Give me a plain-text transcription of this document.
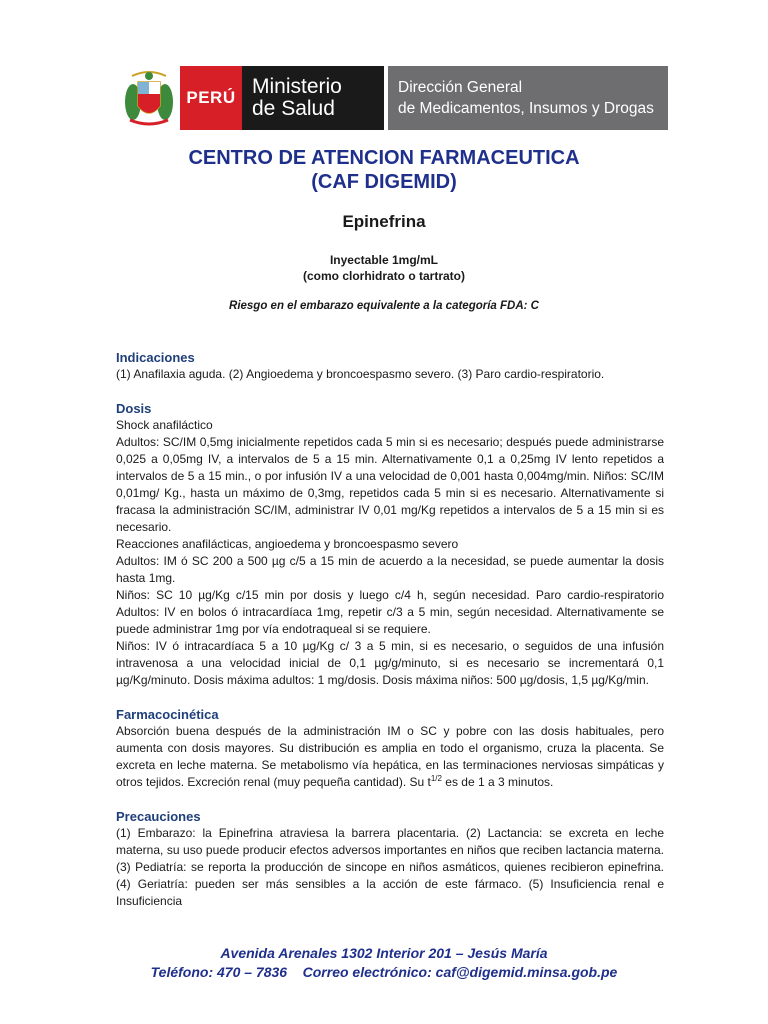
PERÚ Ministerio
de Salud
Dirección General
de Medicamentos, Insumos y Drogas
CENTRO DE ATENCION FARMACEUTICA
(CAF DIGEMID)
Epinefrina
Inyectable 1mg/mL
(como clorhidrato o tartrato)
Riesgo en el embarazo equivalente a la categoría FDA: C
Indicaciones

(1) Anafilaxia aguda. (2) Angioedema y broncoespasmo severo. (3) Paro cardio-respiratorio.

Dosis

Shock anafiláctico

Adultos: SC/IM 0,5mg inicialmente repetidos cada 5 min si es necesario; después puede administrarse 0,025 a 0,05mg IV, a intervalos de 5 a 15 min. Alternativamente 0,1 a 0,25mg IV lento repetidos a intervalos de 5 a 15 min., o por infusión IV a una velocidad de 0,001 hasta 0,004mg/min. Niños: SC/IM 0,01mg/ Kg., hasta un máximo de 0,3mg, repetidos cada 5 min si es necesario. Alternativamente si fracasa la administración SC/IM, administrar IV 0,01 mg/Kg repetidos a intervalos de 5 a 15 min si es necesario.

Reacciones anafilácticas, angioedema y broncoespasmo severo

Adultos: IM ó SC 200 a 500 µg c/5 a 15 min de acuerdo a la necesidad, se puede aumentar la dosis hasta 1mg.

Niños: SC 10 µg/Kg c/15 min por dosis y luego c/4 h, según necesidad. Paro cardio-respiratorio Adultos: IV en bolos ó intracardíaca 1mg, repetir c/3 a 5 min, según necesidad. Alternativamente se puede administrar 1mg por vía endotraqueal si se requiere.

Niños: IV ó intracardíaca 5 a 10 µg/Kg c/ 3 a 5 min, si es necesario, o seguidos de una infusión intravenosa a una velocidad inicial de 0,1 µg/g/minuto, si es necesario se incrementará 0,1 µg/Kg/minuto. Dosis máxima adultos: 1 mg/dosis. Dosis máxima niños: 500 µg/dosis, 1,5 µg/Kg/min.

Farmacocinética

Absorción buena después de la administración IM o SC y pobre con las dosis habituales, pero aumenta con dosis mayores. Su distribución es amplia en todo el organismo, cruza la placenta. Se excreta en leche materna. Se metabolismo vía hepática, en las terminaciones nerviosas simpáticas y otros tejidos. Excreción renal (muy pequeña cantidad). Su $t^{1/2}$ es de 1 a 3 minutos.

Precauciones

(1) Embarazo: la Epinefrina atraviesa la barrera placentaria. (2) Lactancia: se excreta en leche materna, su uso puede producir efectos adversos importantes en niños que reciben lactancia materna. (3) Pediatría: se reporta la producción de sincope en niños asmáticos, quienes recibieron epinefrina. (4) Geriatría: pueden ser más sensibles a la acción de este fármaco. (5) Insuficiencia renal e Insuficiencia

Avenida Arenales 1302 Interior 201 – Jesús María
Teléfono: 470 – 7836    Correo electrónico: caf@digemid.minsa.gob.pe
